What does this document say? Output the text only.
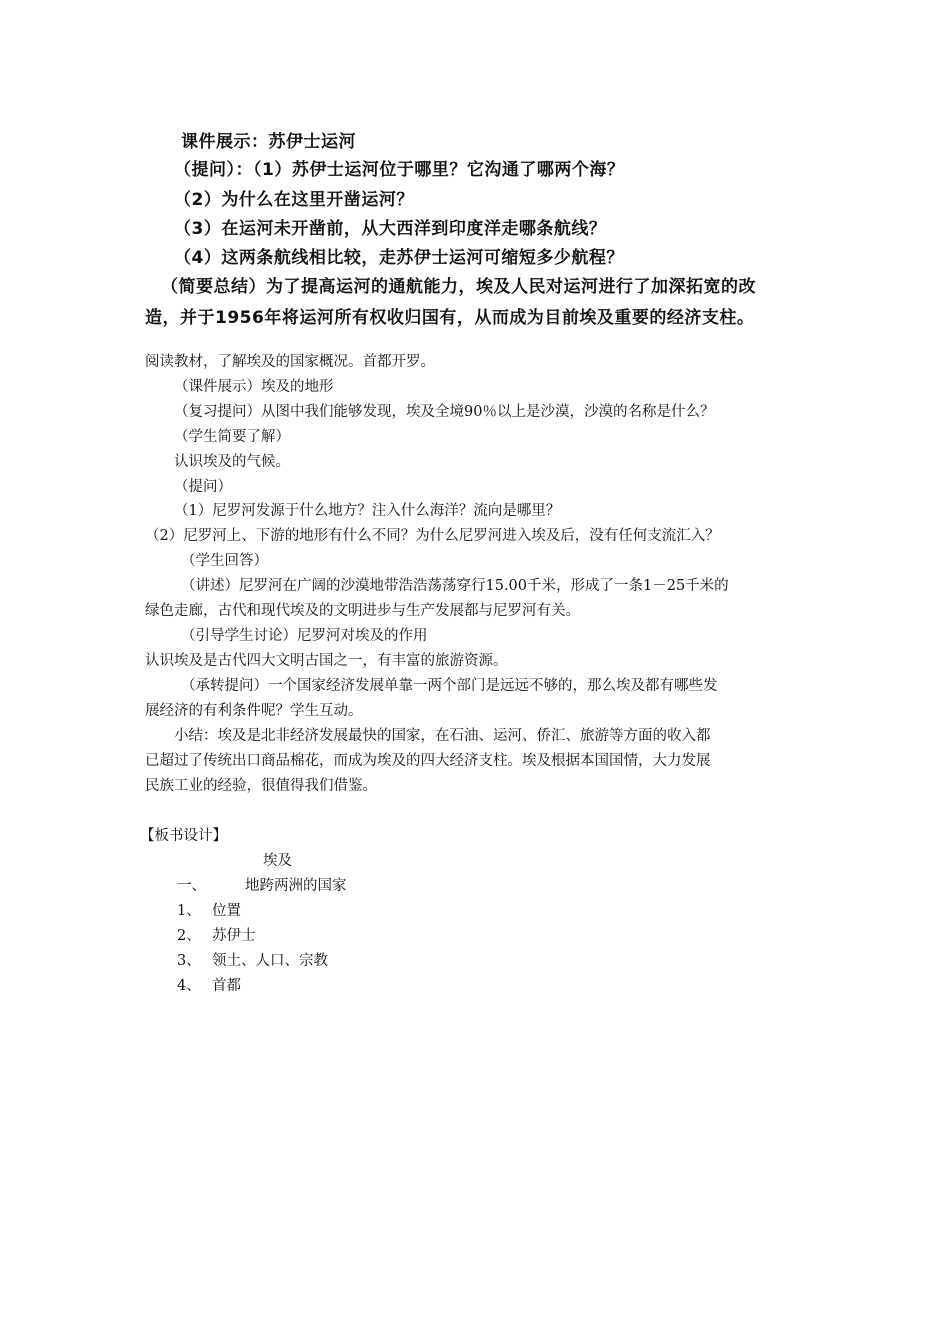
课件展示：苏伊士运河

（提问）：（1）苏伊士运河位于哪里？它沟通了哪两个海？

（2）为什么在这里开凿运河？

（3）在运河未开凿前，从大西洋到印度洋走哪条航线？

（4）这两条航线相比较，走苏伊士运河可缩短多少航程？

（简要总结）为了提高运河的通航能力，埃及人民对运河进行了加深拓宽的改

造，并于1956年将运河所有权收归国有，从而成为目前埃及重要的经济支柱。

阅读教材，了解埃及的国家概况。首都开罗。

（课件展示）埃及的地形

（复习提问）从图中我们能够发现，埃及全境90％以上是沙漠，沙漠的名称是什么？

（学生简要了解）

认识埃及的气候。

（提问）

（1）尼罗河发源于什么地方？注入什么海洋？流向是哪里？

（2）尼罗河上、下游的地形有什么不同？为什么尼罗河进入埃及后，没有任何支流汇入？

（学生回答）

（讲述）尼罗河在广阔的沙漠地带浩浩荡荡穿行15.00千米，形成了一条1－25千米的

绿色走廊，古代和现代埃及的文明进步与生产发展都与尼罗河有关。

（引导学生讨论）尼罗河对埃及的作用

认识埃及是古代四大文明古国之一，有丰富的旅游资源。

（承转提问）一个国家经济发展单靠一两个部门是远远不够的，那么埃及都有哪些发

展经济的有利条件呢？学生互动。

小结：埃及是北非经济发展最快的国家，在石油、运河、侨汇、旅游等方面的收入都

已超过了传统出口商品棉花，而成为埃及的四大经济支柱。埃及根据本国国情，大力发展

民族工业的经验，很值得我们借鉴。

【板书设计】

埃及

一、	地跨两洲的国家

1、 位置

2、 苏伊士

3、 领土、人口、宗教

4、 首都
